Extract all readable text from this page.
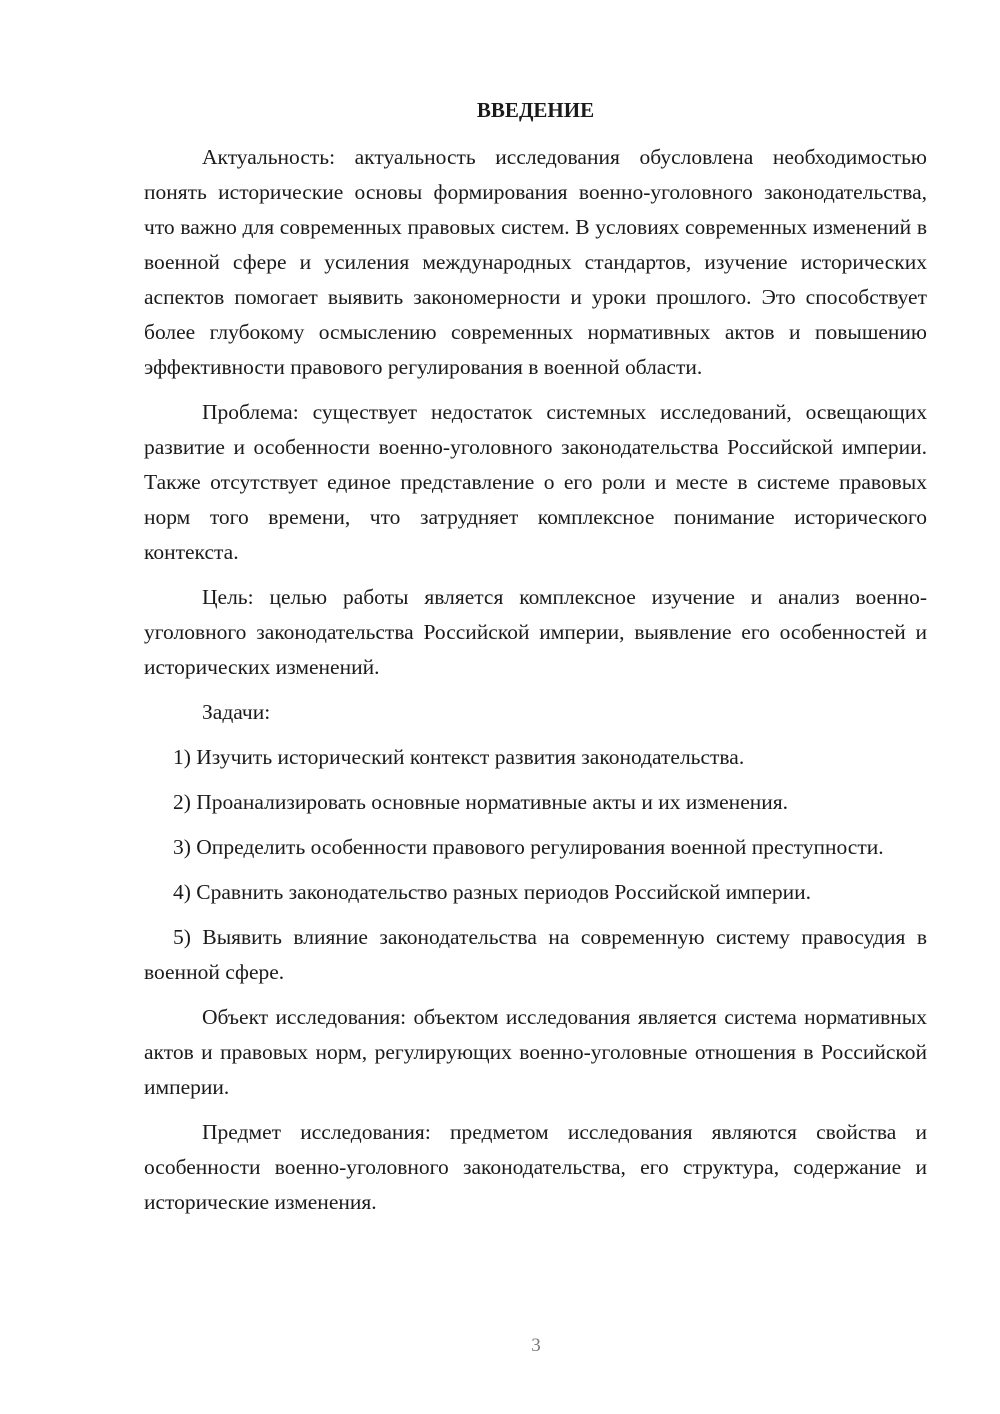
ВВЕДЕНИЕ

Актуальность: актуальность исследования обусловлена необходимостью понять исторические основы формирования военно-уголовного законодательства, что важно для современных правовых систем. В условиях современных изменений в военной сфере и усиления международных стандартов, изучение исторических аспектов помогает выявить закономерности и уроки прошлого. Это способствует более глубокому осмыслению современных нормативных актов и повышению эффективности правового регулирования в военной области.

Проблема: существует недостаток системных исследований, освещающих развитие и особенности военно-уголовного законодательства Российской империи. Также отсутствует единое представление о его роли и месте в системе правовых норм того времени, что затрудняет комплексное понимание исторического контекста.

Цель: целью работы является комплексное изучение и анализ военно-уголовного законодательства Российской империи, выявление его особенностей и исторических изменений.

Задачи:

1) Изучить исторический контекст развития законодательства.

2) Проанализировать основные нормативные акты и их изменения.

3) Определить особенности правового регулирования военной преступности.

4) Сравнить законодательство разных периодов Российской империи.

5) Выявить влияние законодательства на современную систему правосудия в военной сфере.

Объект исследования: объектом исследования является система нормативных актов и правовых норм, регулирующих военно-уголовные отношения в Российской империи.

Предмет исследования: предметом исследования являются свойства и особенности военно-уголовного законодательства, его структура, содержание и исторические изменения.

3
